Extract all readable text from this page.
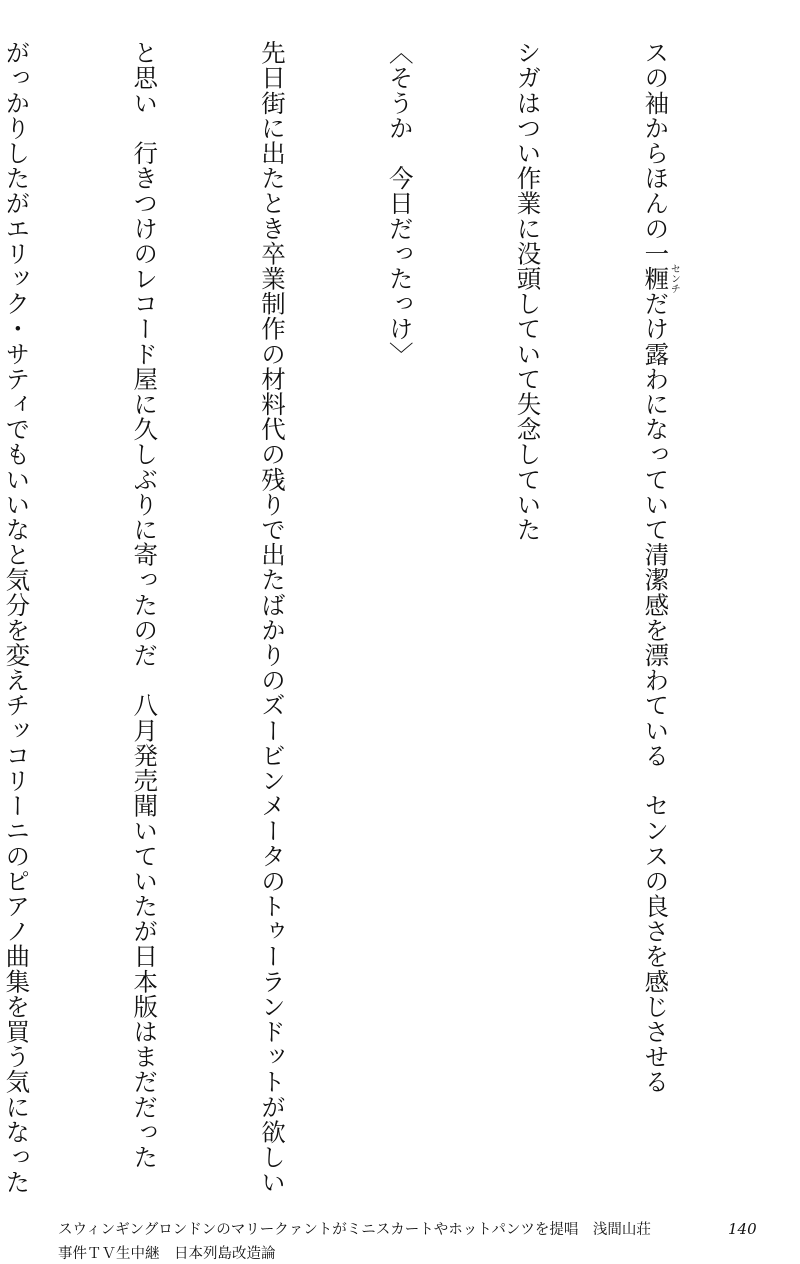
スの袖からほんの一糎センチだけ露わになっていて清潔感を漂わている　センスの良さを感じさせる

シガはつい作業に没頭していて失念していた

〈そうか　今日だったっけ〉

先日街に出たとき卒業制作の材料代の残りで出たばかりのズービンメータのトゥーランドットが欲しい

と思い　行きつけのレコード屋に久しぶりに寄ったのだ　八月発売聞いていたが日本版はまだだった

がっかりしたがエリック・サティでもいいなと気分を変えチッコリーニのピアノ曲集を買う気になった

スウィンギングロンドンのマリークァントがミニスカートやホットパンツを提唱　浅間山荘
事件ＴＶ生中継　日本列島改造論
140
